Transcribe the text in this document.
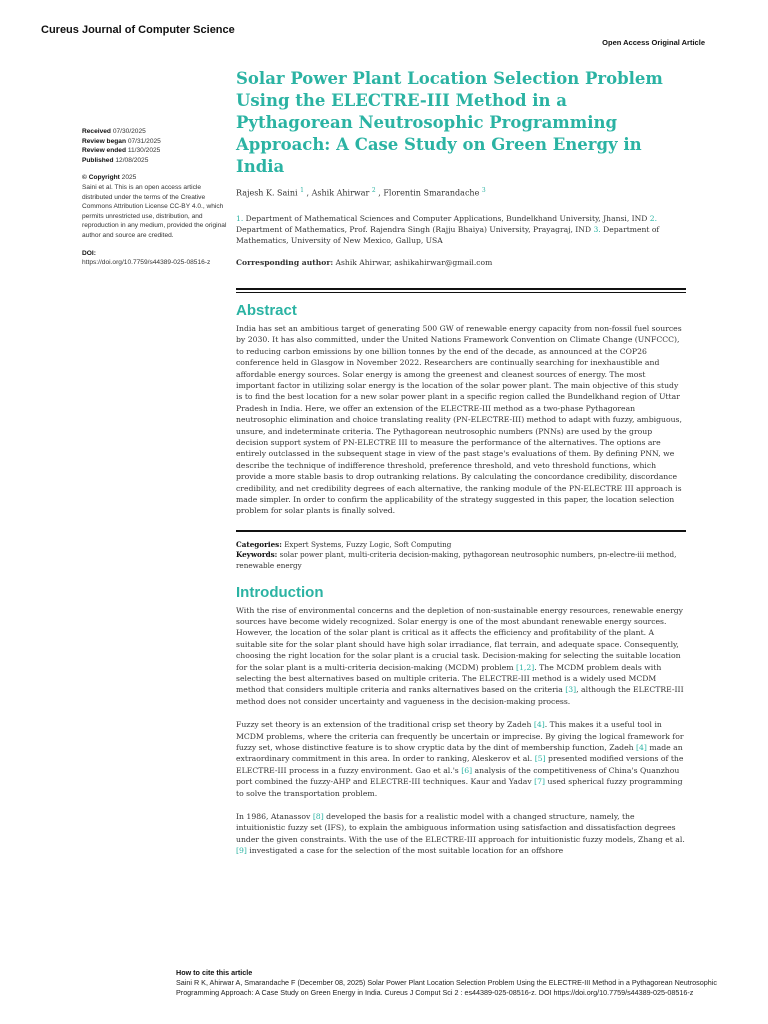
Cureus Journal of Computer Science
Open Access Original Article

Received 07/30/2025

Review began 07/31/2025

Review ended 11/30/2025

Published 12/08/2025

© Copyright 2025

Saini et al. This is an open access article distributed under the terms of the Creative Commons Attribution License CC-BY 4.0., which permits unrestricted use, distribution, and reproduction in any medium, provided the original author and source are credited.

DOI:

https://doi.org/10.7759/s44389-025-08516-z

Solar Power Plant Location Selection Problem Using the ELECTRE-III Method in a Pythagorean Neutrosophic Programming Approach: A Case Study on Green Energy in India
Rajesh K. Saini $^1$ , Ashik Ahirwar $^2$ , Florentin Smarandache $^3$
1. Department of Mathematical Sciences and Computer Applications, Bundelkhand University, Jhansi, IND 2. Department of Mathematics, Prof. Rajendra Singh (Rajju Bhaiya) University, Prayagraj, IND 3. Department of Mathematics, University of New Mexico, Gallup, USA
Corresponding author: Ashik Ahirwar, ashikahirwar@gmail.com
Abstract

India has set an ambitious target of generating 500 GW of renewable energy capacity from non-fossil fuel sources by 2030. It has also committed, under the United Nations Framework Convention on Climate Change (UNFCCC), to reducing carbon emissions by one billion tonnes by the end of the decade, as announced at the COP26 conference held in Glasgow in November 2022. Researchers are continually searching for inexhaustible and affordable energy sources. Solar energy is among the greenest and cleanest sources of energy. The most important factor in utilizing solar energy is the location of the solar power plant. The main objective of this study is to find the best location for a new solar power plant in a specific region called the Bundelkhand region of Uttar Pradesh in India. Here, we offer an extension of the ELECTRE-III method as a two-phase Pythagorean neutrosophic elimination and choice translating reality (PN-ELECTRE-III) method to adapt with fuzzy, ambiguous, unsure, and indeterminate criteria. The Pythagorean neutrosophic numbers (PNNs) are used by the group decision support system of PN-ELECTRE III to measure the performance of the alternatives. The options are entirely outclassed in the subsequent stage in view of the past stage's evaluations of them. By defining PNN, we describe the technique of indifference threshold, preference threshold, and veto threshold functions, which provide a more stable basis to drop outranking relations. By calculating the concordance credibility, discordance credibility, and net credibility degrees of each alternative, the ranking module of the PN-ELECTRE III approach is made simpler. In order to confirm the applicability of the strategy suggested in this paper, the location selection problem for solar plants is finally solved.

Categories: Expert Systems, Fuzzy Logic, Soft Computing
Keywords: solar power plant, multi-criteria decision-making, pythagorean neutrosophic numbers, pn-electre-iii method, renewable energy
Introduction

With the rise of environmental concerns and the depletion of non-sustainable energy resources, renewable energy sources have become widely recognized. Solar energy is one of the most abundant renewable energy sources. However, the location of the solar plant is critical as it affects the efficiency and profitability of the plant. A suitable site for the solar plant should have high solar irradiance, flat terrain, and adequate space. Consequently, choosing the right location for the solar plant is a crucial task. Decision-making for selecting the suitable location for the solar plant is a multi-criteria decision-making (MCDM) problem [1,2]. The MCDM problem deals with selecting the best alternatives based on multiple criteria. The ELECTRE-III method is a widely used MCDM method that considers multiple criteria and ranks alternatives based on the criteria [3], although the ELECTRE-III method does not consider uncertainty and vagueness in the decision-making process.

Fuzzy set theory is an extension of the traditional crisp set theory by Zadeh [4]. This makes it a useful tool in MCDM problems, where the criteria can frequently be uncertain or imprecise. By giving the logical framework for fuzzy set, whose distinctive feature is to show cryptic data by the dint of membership function, Zadeh [4] made an extraordinary commitment in this area. In order to ranking, Aleskerov et al. [5] presented modified versions of the ELECTRE-III process in a fuzzy environment. Gao et al.'s [6] analysis of the competitiveness of China's Quanzhou port combined the fuzzy-AHP and ELECTRE-III techniques. Kaur and Yadav [7] used spherical fuzzy programming to solve the transportation problem.

In 1986, Atanassov [8] developed the basis for a realistic model with a changed structure, namely, the intuitionistic fuzzy set (IFS), to explain the ambiguous information using satisfaction and dissatisfaction degrees under the given constraints. With the use of the ELECTRE-III approach for intuitionistic fuzzy models, Zhang et al. [9] investigated a case for the selection of the most suitable location for an offshore

How to cite this article
Saini R K, Ahirwar A, Smarandache F (December 08, 2025) Solar Power Plant Location Selection Problem Using the ELECTRE-III Method in a Pythagorean Neutrosophic Programming Approach: A Case Study on Green Energy in India. Cureus J Comput Sci 2 : es44389-025-08516-z. DOI https://doi.org/10.7759/s44389-025-08516-z
